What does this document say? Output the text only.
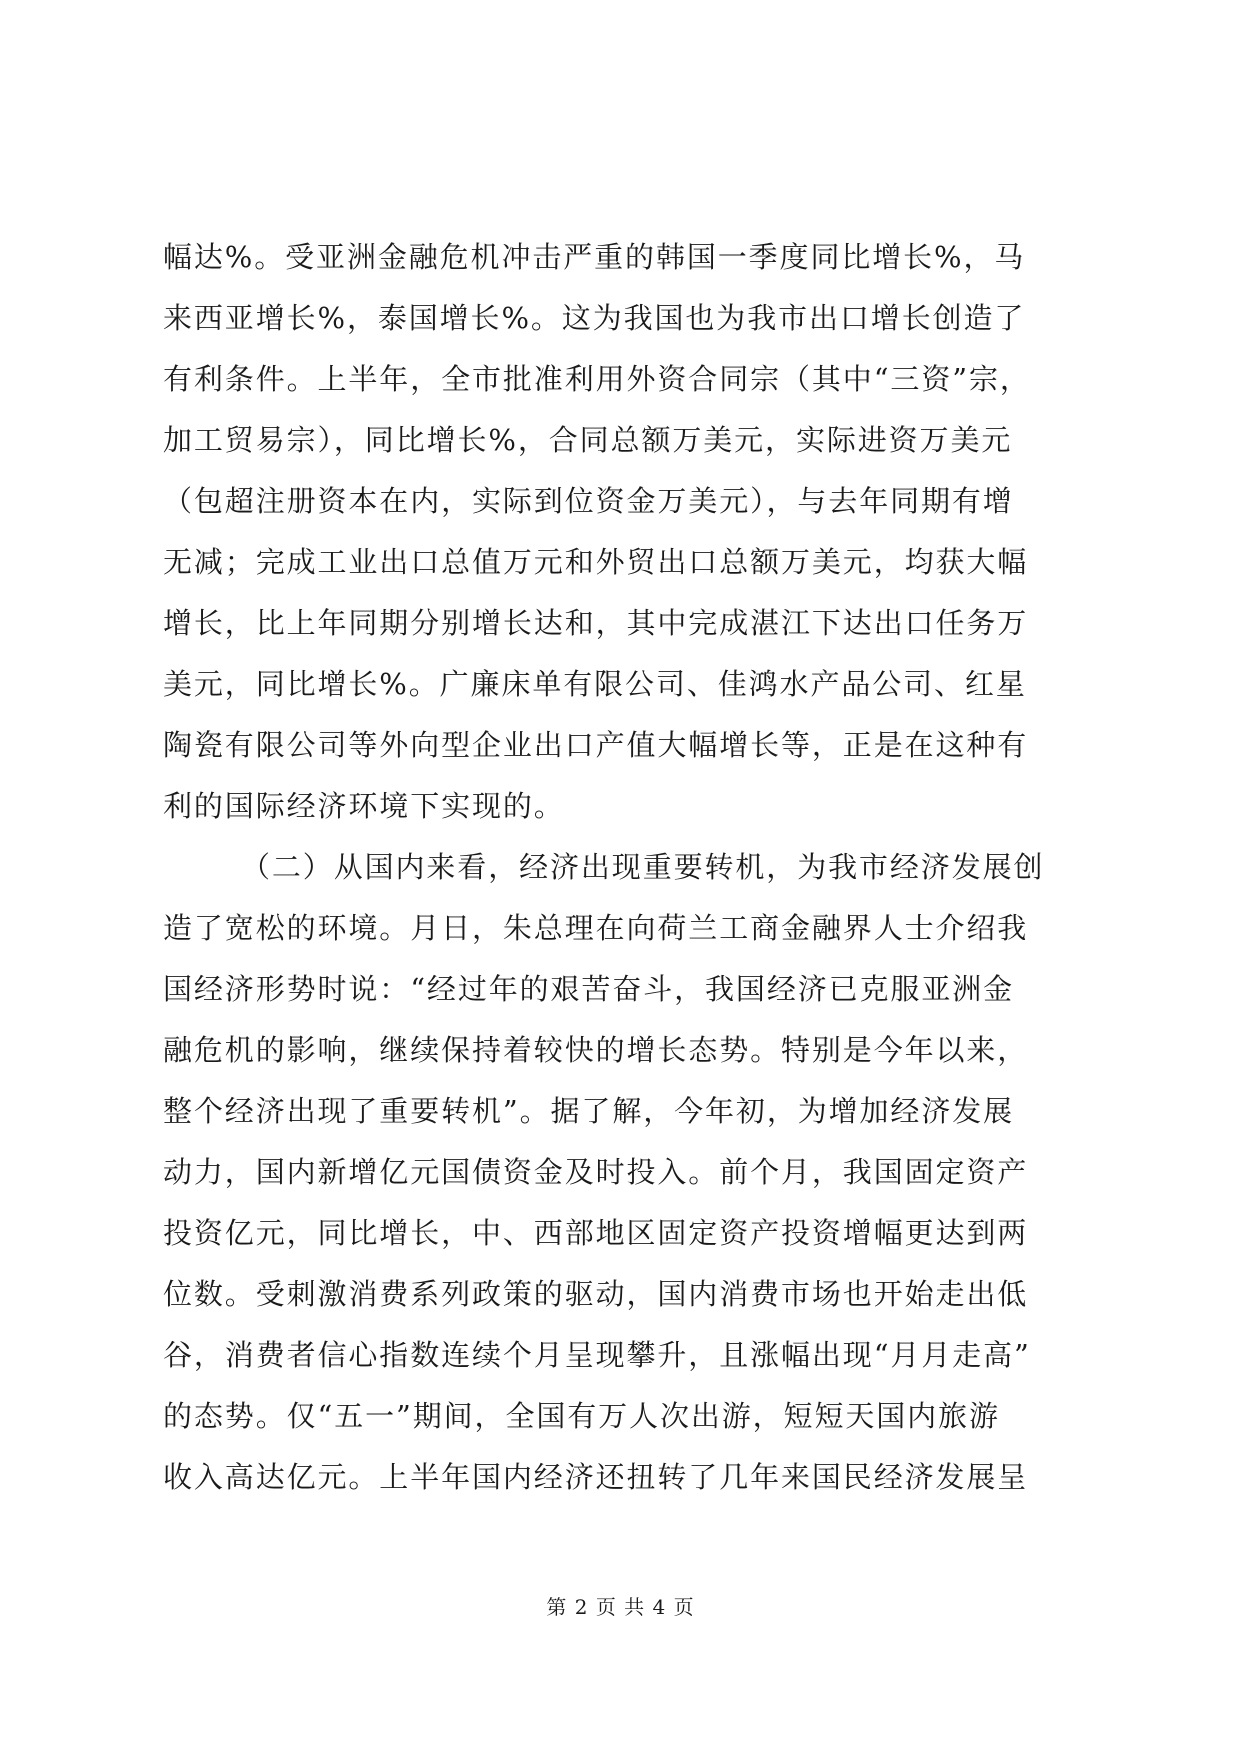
幅达%。受亚洲金融危机冲击严重的韩国一季度同比增长%，马
来西亚增长%，泰国增长%。这为我国也为我市出口增长创造了
有利条件。上半年，全市批准利用外资合同宗（其中“三资”宗，
加工贸易宗），同比增长%，合同总额万美元，实际进资万美元
（包超注册资本在内，实际到位资金万美元），与去年同期有增
无减；完成工业出口总值万元和外贸出口总额万美元，均获大幅
增长，比上年同期分别增长达和，其中完成湛江下达出口任务万
美元，同比增长%。广廉床单有限公司、佳鸿水产品公司、红星
陶瓷有限公司等外向型企业出口产值大幅增长等，正是在这种有
利的国际经济环境下实现的。
（二）从国内来看，经济出现重要转机，为我市经济发展创
造了宽松的环境。月日，朱总理在向荷兰工商金融界人士介绍我
国经济形势时说：“经过年的艰苦奋斗，我国经济已克服亚洲金
融危机的影响，继续保持着较快的增长态势。特别是今年以来，
整个经济出现了重要转机”。据了解，今年初，为增加经济发展
动力，国内新增亿元国债资金及时投入。前个月，我国固定资产
投资亿元，同比增长，中、西部地区固定资产投资增幅更达到两
位数。受刺激消费系列政策的驱动，国内消费市场也开始走出低
谷，消费者信心指数连续个月呈现攀升，且涨幅出现“月月走高”
的态势。仅“五一”期间，全国有万人次出游，短短天国内旅游
收入高达亿元。上半年国内经济还扭转了几年来国民经济发展呈
第 2 页 共 4 页
